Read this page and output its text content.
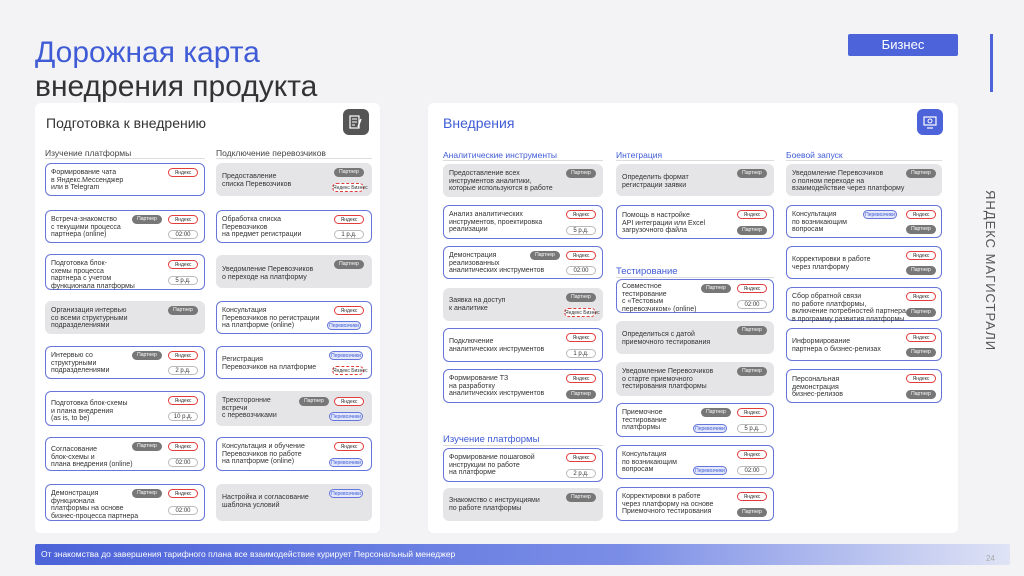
Дорожная карта
внедрения продукта
Бизнес
ЯНДЕКС МАГИСТРАЛИ
Подготовка к внедрению
Изучение платформы	Подключение перевозчиков
Формирование чата
в Яндекс.Мессенджер
или в Telegram
Яндекс
Встреча-знакомство
с текущими процесса
партнера (online)
Партнер	Яндекс
02:00
Подготовка блок-
схемы процесса
партнера с учетом
функционала платформы
Яндекс
5 р.д.
Организация интервью
со всеми структурными
подразделениями
Партнер
Интервью со
структурными
подразделениями
Партнер	Яндекс
2 р.д.
Подготовка блок-схемы
и плана внедрения
(as is, to be)
Яндекс
10 р.д.
Согласование
блок-схемы и
плана внедрения (online)
Партнер	Яндекс
02:00
Демонстрация
функционала
платформы на основе
бизнес-процесса партнера
Партнер	Яндекс
02:00
Предоставление
списка Перевозчиков
Партнер
Яндекс Бизнес
Обработка списка
Перевозчиков
на предмет регистрации
Яндекс
1 р.д.
Уведомление Перевозчиков
о переходе на платформу
Партнер
Консультация
Перевозчиков по регистрации
на платформе (online)
Яндекс
Перевозчики
Регистрация
Перевозчиков на платформе
Перевозчики
Яндекс Бизнес
Трехсторонние
встречи
с перевозчиками
Партнер	Яндекс
Перевозчики
Консультация и обучение
Перевозчиков по работе
на платформе (online)
Яндекс
Перевозчики
Настройка и согласование
шаблона условий
Перевозчики
Внедрения
Аналитические инструменты	Интеграция	Боевой запуск
Изучение платформы
Тестирование
Предоставление всех
инструментов аналитики,
которые используются в работе
Партнер
Анализ аналитических
инструментов, проектировка
реализации
Яндекс
5 р.д.
Демонстрация
реализованных
аналитических инструментов
Партнер	Яндекс
02:00
Заявка на доступ
к аналитике
Партнер
Яндекс Бизнес
Подключение
аналитических инструментов
Яндекс
1 р.д.
Формирование ТЗ
на разработку
аналитических инструментов
Яндекс
Партнер
Формирование пошаговой
инструкции по работе
на платформе
Яндекс
2 р.д.
Знакомство с инструкциями
по работе платформы
Партнер
Определить формат
регистрации заявки
Партнер
Помощь в настройке
API интеграции или Excel
загрузочного файла
Яндекс
Партнер
Совместное
тестирование
с «Тестовым
перевозчиком» (online)
Партнер	Яндекс
02:00
Определиться с датой
приемочного тестирования
Партнер
Уведомление Перевозчиков
о старте приемочного
тестирования платформы
Партнер
Приемочное
тестирование
платформы
Партнер	Яндекс
Перевозчики	5 р.д.
Консультация
по возникающим
вопросам
Яндекс
Перевозчики	02:00
Корректировки в работе
через платформу на основе
Приемочного тестирования
Яндекс
Партнер
Уведомление Перевозчиков
о полном переходе на
взаимодействие через платформу
Партнер
Консультация
по возникающим
вопросам
Перевозчики	Яндекс
Партнер
Корректировки в работе
через платформу
Яндекс
Партнер
Сбор обратной связи
по работе платформы,
включение потребностей партнера
в программу развития платформы
Яндекс
Партнер
Информирование
партнера о бизнес-релизах
Яндекс
Партнер
Персональная
демонстрация
бизнес-релизов
Яндекс
Партнер
От знакомства до завершения тарифного плана все взаимодействие курирует Персональный менеджер	24
